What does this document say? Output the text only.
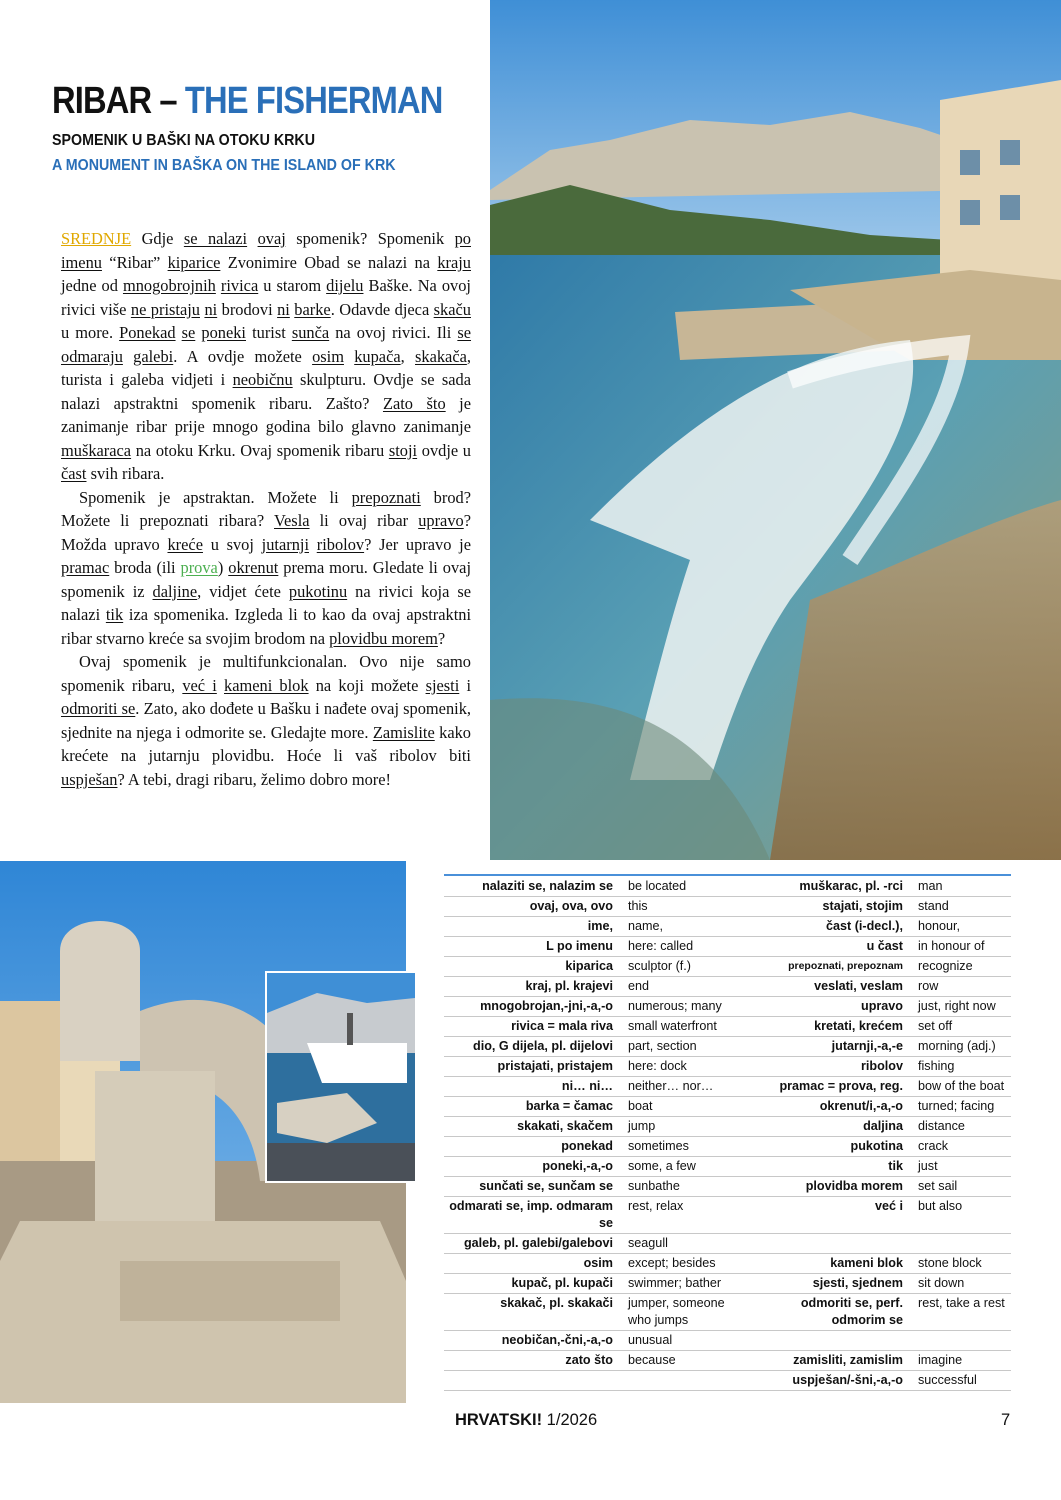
RIBAR – THE FISHERMAN
SPOMENIK U BAŠKI NA OTOKU KRKU
A MONUMENT IN BAŠKA ON THE ISLAND OF KRK

SREDNJE Gdje se nalazi ovaj spomenik? Spomenik po imenu “Ribar” kiparice Zvonimire Obad se nalazi na kraju jedne od mnogobrojnih rivica u starom dijelu Baške. Na ovoj rivici više ne pristaju ni brodovi ni barke. Odavde djeca skaču u more. Ponekad se poneki turist sunča na ovoj rivici. Ili se odmaraju galebi. A ovdje možete osim kupača, skakača, turista i galeba vidjeti i neobičnu skulpturu. Ovdje se sada nalazi apstraktni spomenik ribaru. Zašto? Zato što je zanimanje ribar prije mnogo godina bilo glavno zanimanje muškaraca na otoku Krku. Ovaj spomenik ribaru stoji ovdje u čast svih ribara.

Spomenik je apstraktan. Možete li prepoznati brod? Možete li prepoznati ribara? Vesla li ovaj ribar upravo? Možda upravo kreće u svoj jutarnji ribolov? Jer upravo je pramac broda (ili prova) okrenut prema moru. Gledate li ovaj spomenik iz daljine, vidjet ćete pukotinu na rivici koja se nalazi tik iza spomenika. Izgleda li to kao da ovaj apstraktni ribar stvarno kreće sa svojim brodom na plovidbu morem?

Ovaj spomenik je multifunkcionalan. Ovo nije samo spomenik ribaru, već i kameni blok na koji možete sjesti i odmoriti se. Zato, ako dođete u Bašku i nađete ovaj spomenik, sjednite na njega i odmorite se. Gledajte more. Zamislite kako krećete na jutarnju plovidbu. Hoće li vaš ribolov biti uspješan? A tebi, dragi ribaru, želimo dobro more!

nalaziti se, nalazim se	be located	muškarac, pl. -rci	man
ovaj, ova, ovo	this	stajati, stojim	stand
ime,	name,	čast (i-decl.),	honour,
L po imenu	here: called	u čast	in honour of
kiparica	sculptor (f.)	prepoznati, prepoznam	recognize
kraj, pl. krajevi	end	veslati, veslam	row
mnogobrojan,-jni,-a,-o	numerous; many	upravo	just, right now
rivica = mala riva	small waterfront	kretati, krećem	set off
dio, G dijela, pl. dijelovi	part, section	jutarnji,-a,-e	morning (adj.)
pristajati, pristajem	here: dock	ribolov	fishing
ni… ni…	neither… nor…	pramac = prova, reg.	bow of the boat
barka = čamac	boat	okrenut/i,-a,-o	turned; facing
skakati, skačem	jump	daljina	distance
ponekad	sometimes	pukotina	crack
poneki,-a,-o	some, a few	tik	just
sunčati se, sunčam se	sunbathe	plovidba morem	set sail
odmarati se, imp. odmaram se	rest, relax	već i	but also
galeb, pl. galebi/galebovi	seagull		
osim	except; besides	kameni blok	stone block
kupač, pl. kupači	swimmer; bather	sjesti, sjednem	sit down
skakač, pl. skakači	jumper, someone who jumps	odmoriti se, perf. odmorim se	rest, take a rest
neobičan,-čni,-a,-o	unusual		
zato što	because	zamisliti, zamislim	imagine
		uspješan/-šni,-a,-o	successful
HRVATSKI! 1/2026	7
